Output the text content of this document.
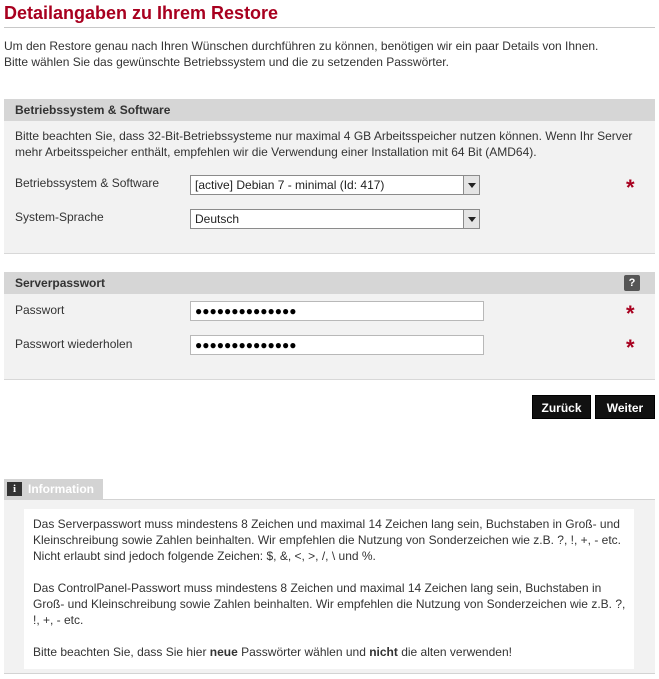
Detailangaben zu Ihrem Restore

Um den Restore genau nach Ihren Wünschen durchführen zu können, benötigen wir ein paar Details von Ihnen.

Bitte wählen Sie das gewünschte Betriebssystem und die zu setzenden Passwörter.

Betriebssystem & Software
Bitte beachten Sie, dass 32-Bit-Betriebssysteme nur maximal 4 GB Arbeitsspeicher nutzen können. Wenn Ihr Server mehr Arbeitsspeicher enthält, empfehlen wir die Verwendung einer Installation mit 64 Bit (AMD64).
Betriebssystem & Software	[active] Debian 7 - minimal (Id: 417)	*
System-Sprache	Deutsch
Serverpasswort	?
Passwort	●●●●●●●●●●●●●●	*
Passwort wiederholen	●●●●●●●●●●●●●●	*
Zurück	Weiter
i Information

Das Serverpasswort muss mindestens 8 Zeichen und maximal 14 Zeichen lang sein, Buchstaben in Groß- und Kleinschreibung sowie Zahlen beinhalten. Wir empfehlen die Nutzung von Sonderzeichen wie z.B. ?, !, +, - etc. Nicht erlaubt sind jedoch folgende Zeichen: $, &, <, >, /, \ und %.

Das ControlPanel-Passwort muss mindestens 8 Zeichen und maximal 14 Zeichen lang sein, Buchstaben in Groß- und Kleinschreibung sowie Zahlen beinhalten. Wir empfehlen die Nutzung von Sonderzeichen wie z.B. ?, !, +, - etc.

Bitte beachten Sie, dass Sie hier neue Passwörter wählen und nicht die alten verwenden!
